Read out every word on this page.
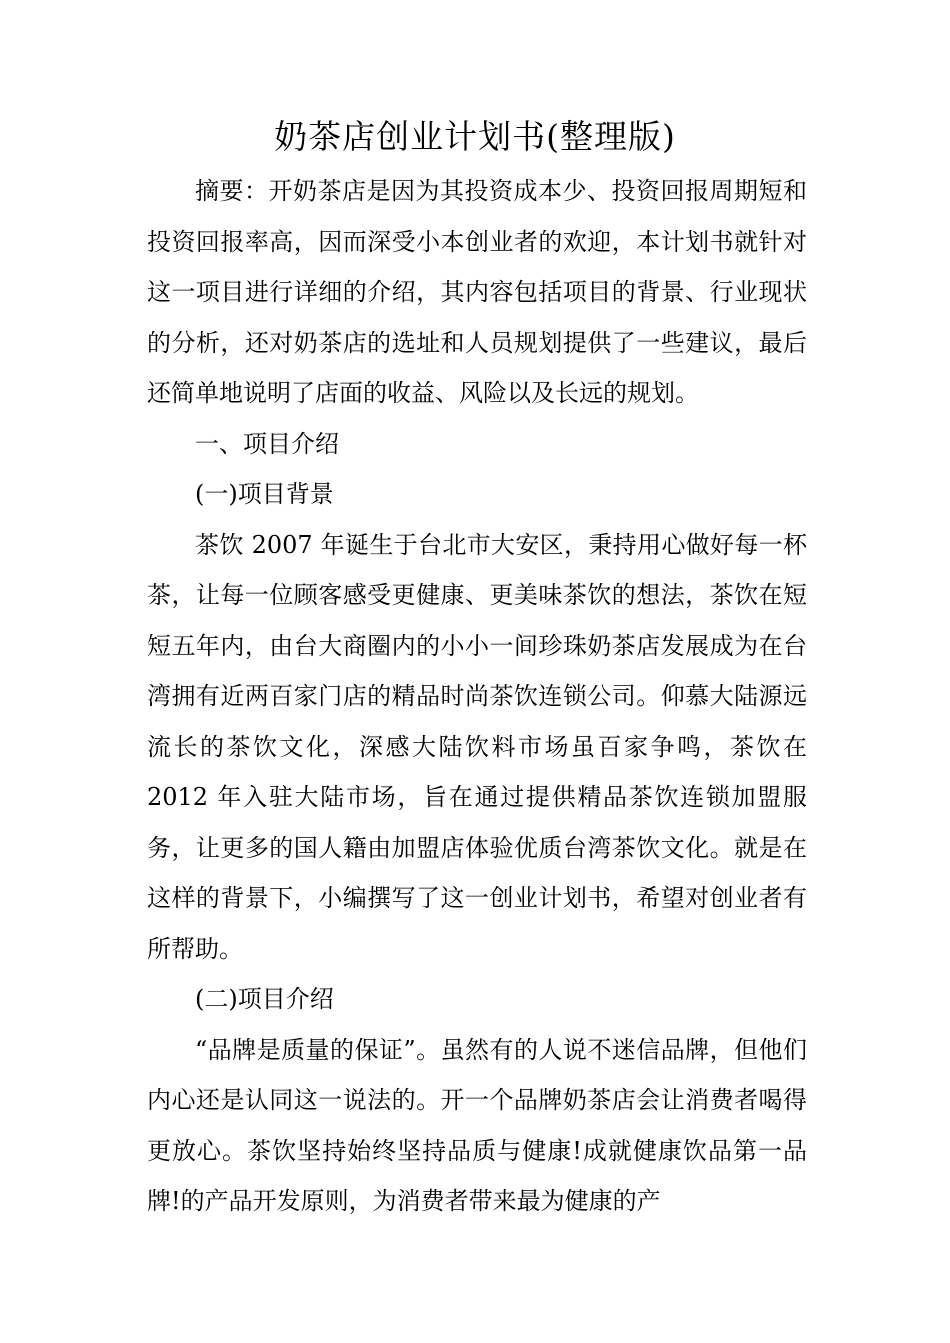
奶茶店创业计划书(整理版)

摘要：开奶茶店是因为其投资成本少、投资回报周期短和投资回报率高，因而深受小本创业者的欢迎，本计划书就针对这一项目进行详细的介绍，其内容包括项目的背景、行业现状的分析，还对奶茶店的选址和人员规划提供了一些建议，最后还简单地说明了店面的收益、风险以及长远的规划。

一、项目介绍

(一)项目背景

茶饮 2007 年诞生于台北市大安区，秉持用心做好每一杯茶，让每一位顾客感受更健康、更美味茶饮的想法，茶饮在短短五年内，由台大商圈内的小小一间珍珠奶茶店发展成为在台湾拥有近两百家门店的精品时尚茶饮连锁公司。仰慕大陆源远流长的茶饮文化，深感大陆饮料市场虽百家争鸣，茶饮在 2012 年入驻大陆市场，旨在通过提供精品茶饮连锁加盟服务，让更多的国人籍由加盟店体验优质台湾茶饮文化。就是在这样的背景下，小编撰写了这一创业计划书，希望对创业者有所帮助。

(二)项目介绍

“品牌是质量的保证”。虽然有的人说不迷信品牌，但他们内心还是认同这一说法的。开一个品牌奶茶店会让消费者喝得更放心。茶饮坚持始终坚持品质与健康!成就健康饮品第一品牌!的产品开发原则，为消费者带来最为健康的产
